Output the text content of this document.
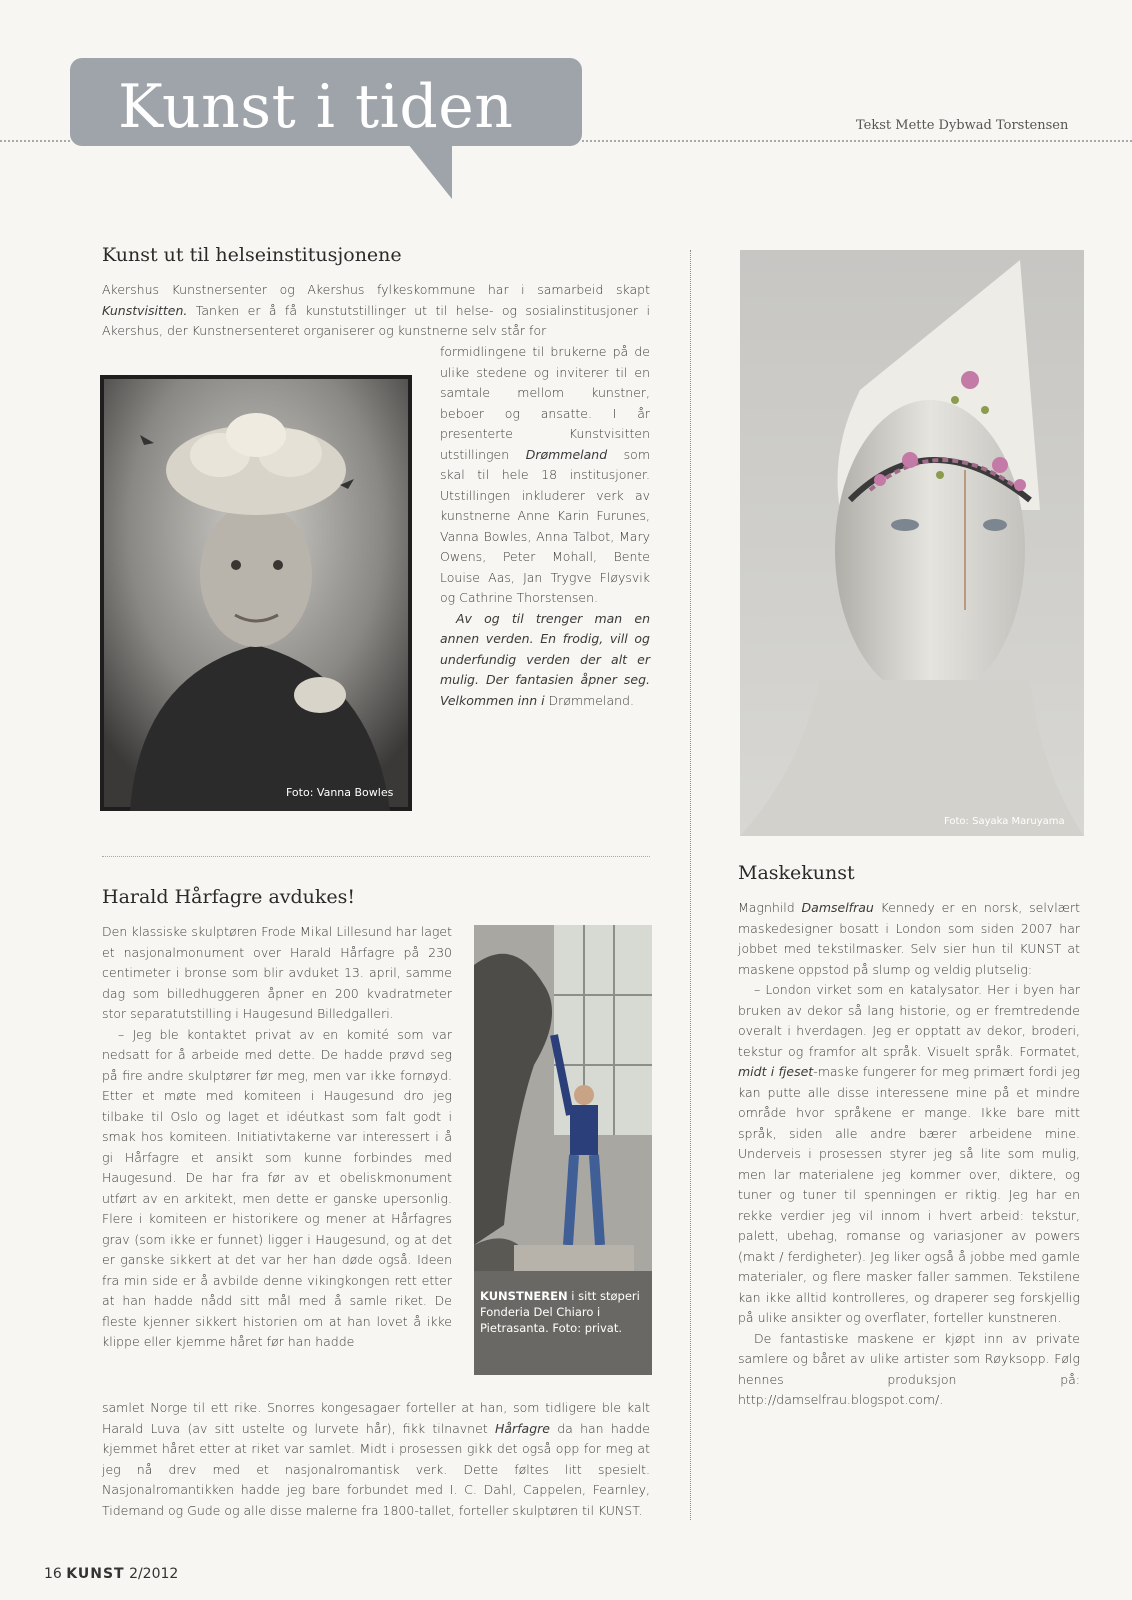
Kunst i tiden	Tekst Mette Dybwad Torstensen
Kunst ut til helseinstitusjonene

Akershus Kunstnersenter og Akershus fylkeskommune har i samarbeid skapt Kunstvisitten. Tanken er å få kunstutstillinger ut til helse- og sosialinstitusjoner i Akershus, der Kunstnersenteret organiserer og kunstnerne selv står for

Foto: Vanna Bowles

formidlingene til brukerne på de ulike stedene og inviterer til en samtale mellom kunstner, beboer og ansatte. I år presenterte Kunstvisitten utstillingen Drømmeland som skal til hele 18 institusjoner. Utstillingen inkluderer verk av kunstnerne Anne Karin Furunes, Vanna Bowles, Anna Talbot, Mary Owens, Peter Mohall, Bente Louise Aas, Jan Trygve Fløysvik og Cathrine Thorstensen.

Av og til trenger man en annen verden. En frodig, vill og underfundig verden der alt er mulig. Der fantasien åpner seg. Velkommen inn i Drømmeland.

Harald Hårfagre avdukes!

Den klassiske skulptøren Frode Mikal Lillesund har laget et nasjonalmonument over Harald Hårfagre på 230 centimeter i bronse som blir avduket 13. april, samme dag som billedhuggeren åpner en 200 kvadratmeter stor separatutstilling i Haugesund Billedgalleri.

– Jeg ble kontaktet privat av en komité som var nedsatt for å arbeide med dette. De hadde prøvd seg på fire andre skulptører før meg, men var ikke fornøyd. Etter et møte med komiteen i Haugesund dro jeg tilbake til Oslo og laget et idéutkast som falt godt i smak hos komiteen. Initiativtakerne var interessert i å gi Hårfagre et ansikt som kunne forbindes med Haugesund. De har fra før av et obeliskmonument utført av en arkitekt, men dette er ganske upersonlig. Flere i komiteen er historikere og mener at Hårfagres grav (som ikke er funnet) ligger i Haugesund, og at det er ganske sikkert at det var her han døde også. Ideen fra min side er å avbilde denne vikingkongen rett etter at han hadde nådd sitt mål med å samle riket. De fleste kjenner sikkert historien om at han lovet å ikke klippe eller kjemme håret før han hadde

KUNSTNEREN i sitt støperi Fonderia Del Chiaro i Pietrasanta. Foto: privat.

samlet Norge til ett rike. Snorres kongesagaer forteller at han, som tidligere ble kalt Harald Luva (av sitt ustelte og lurvete hår), fikk tilnavnet Hårfagre da han hadde kjemmet håret etter at riket var samlet. Midt i prosessen gikk det også opp for meg at jeg nå drev med et nasjonalromantisk verk. Dette føltes litt spesielt. Nasjonalromantikken hadde jeg bare forbundet med I. C. Dahl, Cappelen, Fearnley, Tidemand og Gude og alle disse malerne fra 1800-tallet, forteller skulptøren til KUNST.

Foto: Sayaka Maruyama
Maskekunst

Magnhild Damselfrau Kennedy er en norsk, selvlært maskedesigner bosatt i London som siden 2007 har jobbet med tekstilmasker. Selv sier hun til KUNST at maskene oppstod på slump og veldig plutselig:

– London virket som en katalysator. Her i byen har bruken av dekor så lang historie, og er fremtredende overalt i hverdagen. Jeg er opptatt av dekor, broderi, tekstur og framfor alt språk. Visuelt språk. Formatet, midt i fjeset-maske fungerer for meg primært fordi jeg kan putte alle disse interessene mine på et mindre område hvor språkene er mange. Ikke bare mitt språk, siden alle andre bærer arbeidene mine. Underveis i prosessen styrer jeg så lite som mulig, men lar materialene jeg kommer over, diktere, og tuner og tuner til spenningen er riktig. Jeg har en rekke verdier jeg vil innom i hvert arbeid: tekstur, palett, ubehag, romanse og variasjoner av powers (makt / ferdigheter). Jeg liker også å jobbe med gamle materialer, og flere masker faller sammen. Tekstilene kan ikke alltid kontrolleres, og draperer seg forskjellig på ulike ansikter og overflater, forteller kunstneren.

De fantastiske maskene er kjøpt inn av private samlere og båret av ulike artister som Røyksopp. Følg hennes produksjon på: http://damselfrau.blogspot.com/.

16 KUNST 2/2012
